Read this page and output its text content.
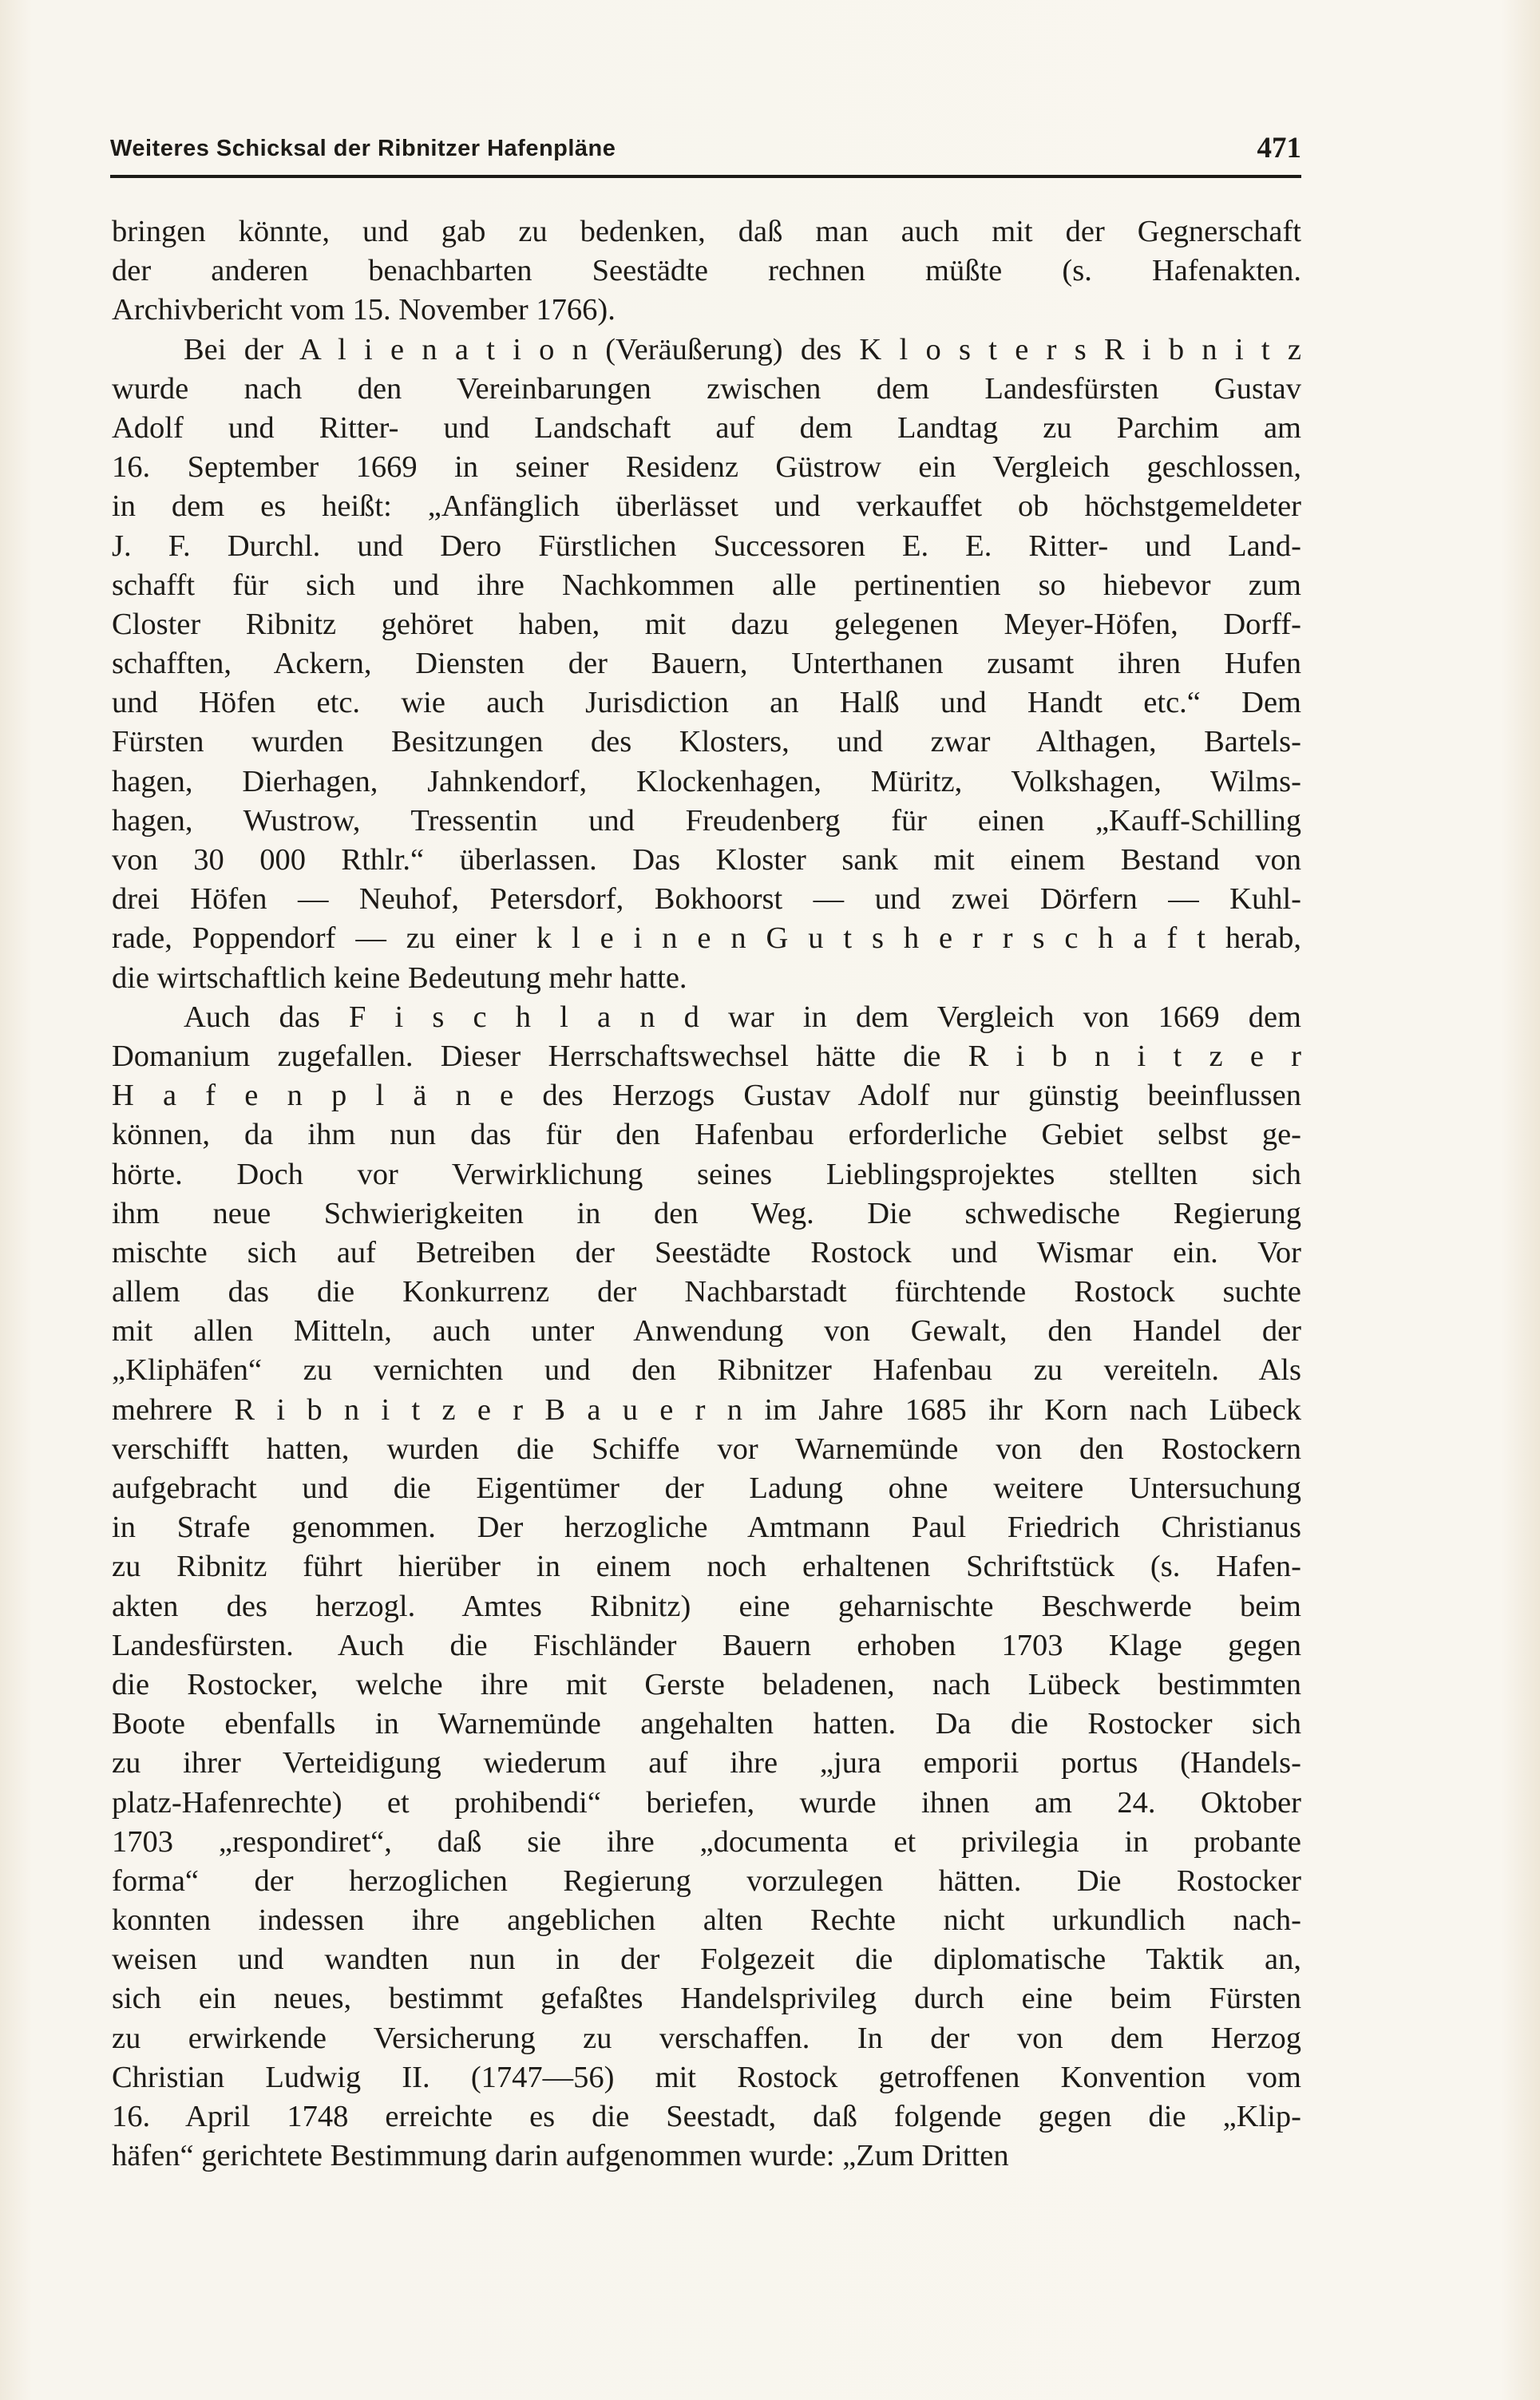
Weiteres Schicksal der Ribnitzer Hafenpläne	471
bringen könnte, und gab zu bedenken, daß man auch mit der Gegnerschaft
der anderen benachbarten Seestädte rechnen müßte (s. Hafenakten.
Archivbericht vom 15. November 1766).
Bei der A l i e n a t i o n (Veräußerung) des K l o s t e r s R i b n i t z
wurde nach den Vereinbarungen zwischen dem Landesfürsten Gustav
Adolf und Ritter- und Landschaft auf dem Landtag zu Parchim am
16. September 1669 in seiner Residenz Güstrow ein Vergleich geschlossen,
in dem es heißt: „Anfänglich überlässet und verkauffet ob höchstgemeldeter
J. F. Durchl. und Dero Fürstlichen Successoren E. E. Ritter- und Land-
schafft für sich und ihre Nachkommen alle pertinentien so hiebevor zum
Closter Ribnitz gehöret haben, mit dazu gelegenen Meyer-Höfen, Dorff-
schafften, Ackern, Diensten der Bauern, Unterthanen zusamt ihren Hufen
und Höfen etc. wie auch Jurisdiction an Halß und Handt etc.“ Dem
Fürsten wurden Besitzungen des Klosters, und zwar Althagen, Bartels-
hagen, Dierhagen, Jahnkendorf, Klockenhagen, Müritz, Volkshagen, Wilms-
hagen, Wustrow, Tressentin und Freudenberg für einen „Kauff-Schilling
von 30 000 Rthlr.“ überlassen. Das Kloster sank mit einem Bestand von
drei Höfen — Neuhof, Petersdorf, Bokhoorst — und zwei Dörfern — Kuhl-
rade, Poppendorf — zu einer k l e i n e n G u t s h e r r s c h a f t herab,
die wirtschaftlich keine Bedeutung mehr hatte.
Auch das F i s c h l a n d war in dem Vergleich von 1669 dem
Domanium zugefallen. Dieser Herrschaftswechsel hätte die R i b n i t z e r
H a f e n p l ä n e des Herzogs Gustav Adolf nur günstig beeinflussen
können, da ihm nun das für den Hafenbau erforderliche Gebiet selbst ge-
hörte. Doch vor Verwirklichung seines Lieblingsprojektes stellten sich
ihm neue Schwierigkeiten in den Weg. Die schwedische Regierung
mischte sich auf Betreiben der Seestädte Rostock und Wismar ein. Vor
allem das die Konkurrenz der Nachbarstadt fürchtende Rostock suchte
mit allen Mitteln, auch unter Anwendung von Gewalt, den Handel der
„Kliphäfen“ zu vernichten und den Ribnitzer Hafenbau zu vereiteln. Als
mehrere R i b n i t z e r B a u e r n im Jahre 1685 ihr Korn nach Lübeck
verschifft hatten, wurden die Schiffe vor Warnemünde von den Rostockern
aufgebracht und die Eigentümer der Ladung ohne weitere Untersuchung
in Strafe genommen. Der herzogliche Amtmann Paul Friedrich Christianus
zu Ribnitz führt hierüber in einem noch erhaltenen Schriftstück (s. Hafen-
akten des herzogl. Amtes Ribnitz) eine geharnischte Beschwerde beim
Landesfürsten. Auch die Fischländer Bauern erhoben 1703 Klage gegen
die Rostocker, welche ihre mit Gerste beladenen, nach Lübeck bestimmten
Boote ebenfalls in Warnemünde angehalten hatten. Da die Rostocker sich
zu ihrer Verteidigung wiederum auf ihre „jura emporii portus (Handels-
platz-Hafenrechte) et prohibendi“ beriefen, wurde ihnen am 24. Oktober
1703 „respondiret“, daß sie ihre „documenta et privilegia in probante
forma“ der herzoglichen Regierung vorzulegen hätten. Die Rostocker
konnten indessen ihre angeblichen alten Rechte nicht urkundlich nach-
weisen und wandten nun in der Folgezeit die diplomatische Taktik an,
sich ein neues, bestimmt gefaßtes Handelsprivileg durch eine beim Fürsten
zu erwirkende Versicherung zu verschaffen. In der von dem Herzog
Christian Ludwig II. (1747—56) mit Rostock getroffenen Konvention vom
16. April 1748 erreichte es die Seestadt, daß folgende gegen die „Klip-
häfen“ gerichtete Bestimmung darin aufgenommen wurde: „Zum Dritten
